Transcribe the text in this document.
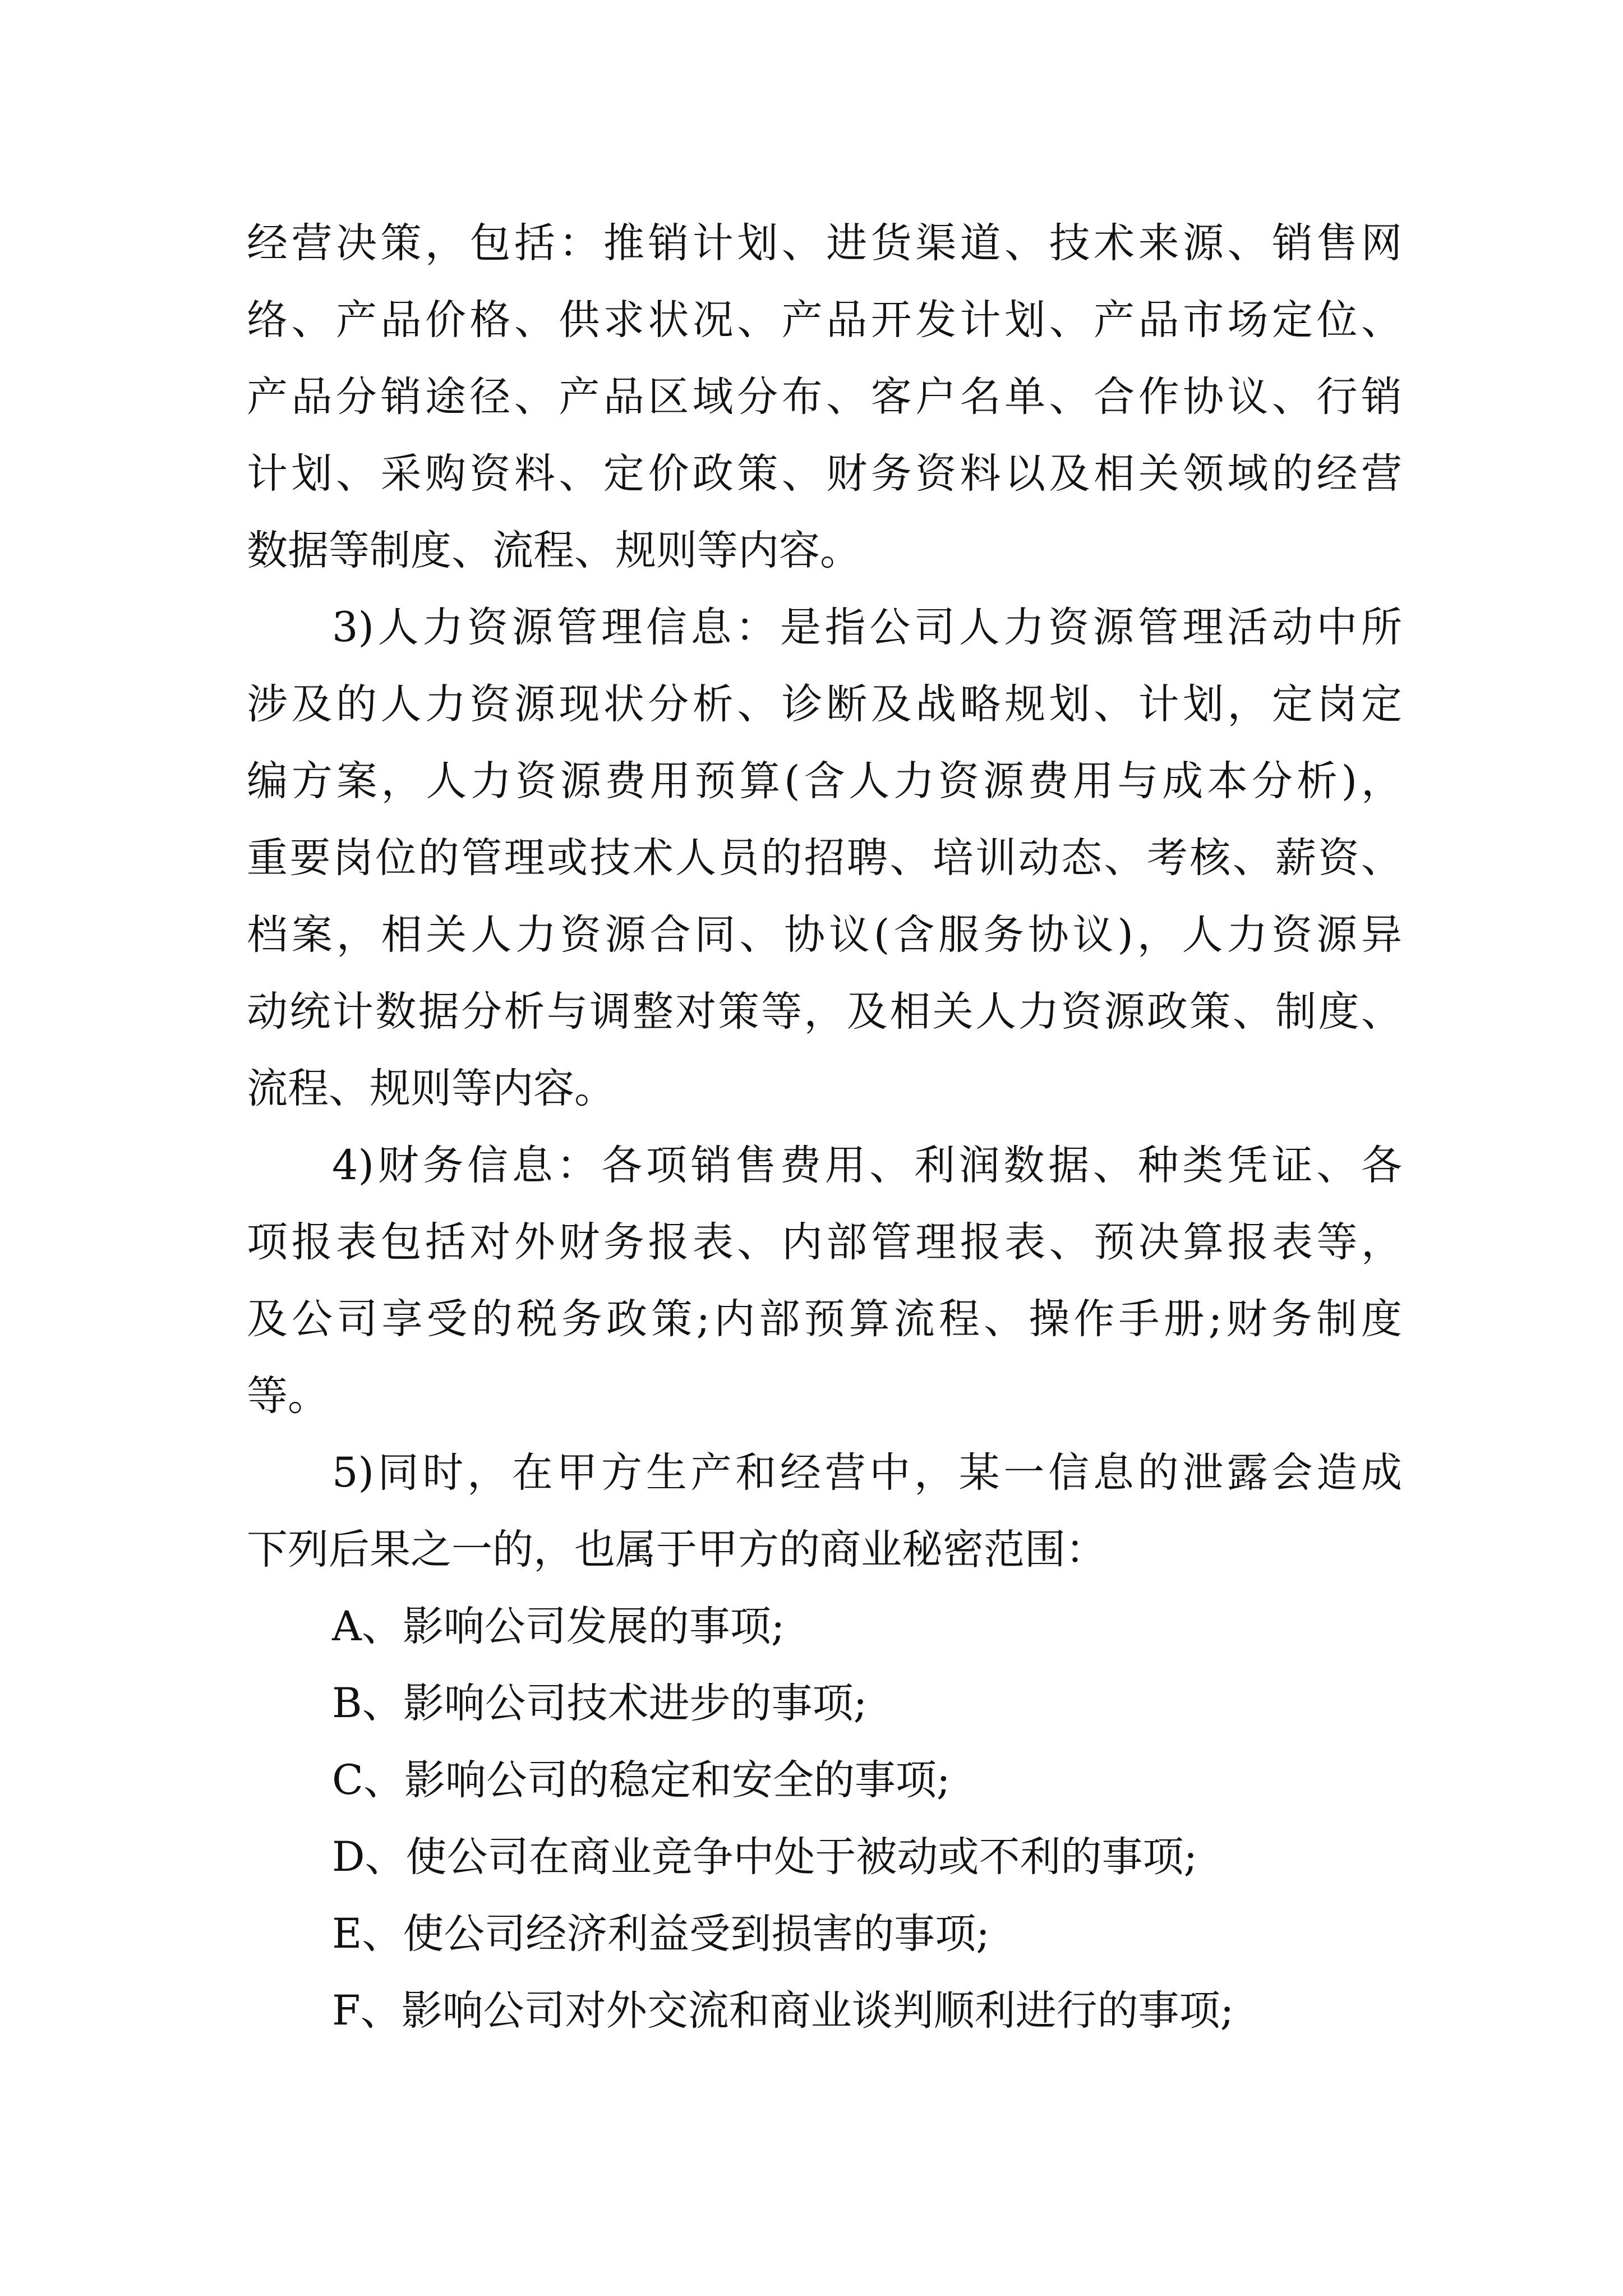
经营决策，包括：推销计划、进货渠道、技术来源、销售网
络、产品价格、供求状况、产品开发计划、产品市场定位、
产品分销途径、产品区域分布、客户名单、合作协议、行销
计划、采购资料、定价政策、财务资料以及相关领域的经营
数据等制度、流程、规则等内容。
3)人力资源管理信息：是指公司人力资源管理活动中所
涉及的人力资源现状分析、诊断及战略规划、计划，定岗定
编方案，人力资源费用预算(含人力资源费用与成本分析)，
重要岗位的管理或技术人员的招聘、培训动态、考核、薪资、
档案，相关人力资源合同、协议(含服务协议)，人力资源异
动统计数据分析与调整对策等，及相关人力资源政策、制度、
流程、规则等内容。
4)财务信息：各项销售费用、利润数据、种类凭证、各
项报表包括对外财务报表、内部管理报表、预决算报表等，
及公司享受的税务政策;内部预算流程、操作手册;财务制度
等。
5)同时，在甲方生产和经营中，某一信息的泄露会造成
下列后果之一的，也属于甲方的商业秘密范围：
A、影响公司发展的事项;
B、影响公司技术进步的事项;
C、影响公司的稳定和安全的事项;
D、使公司在商业竞争中处于被动或不利的事项;
E、使公司经济利益受到损害的事项;
F、影响公司对外交流和商业谈判顺利进行的事项;
